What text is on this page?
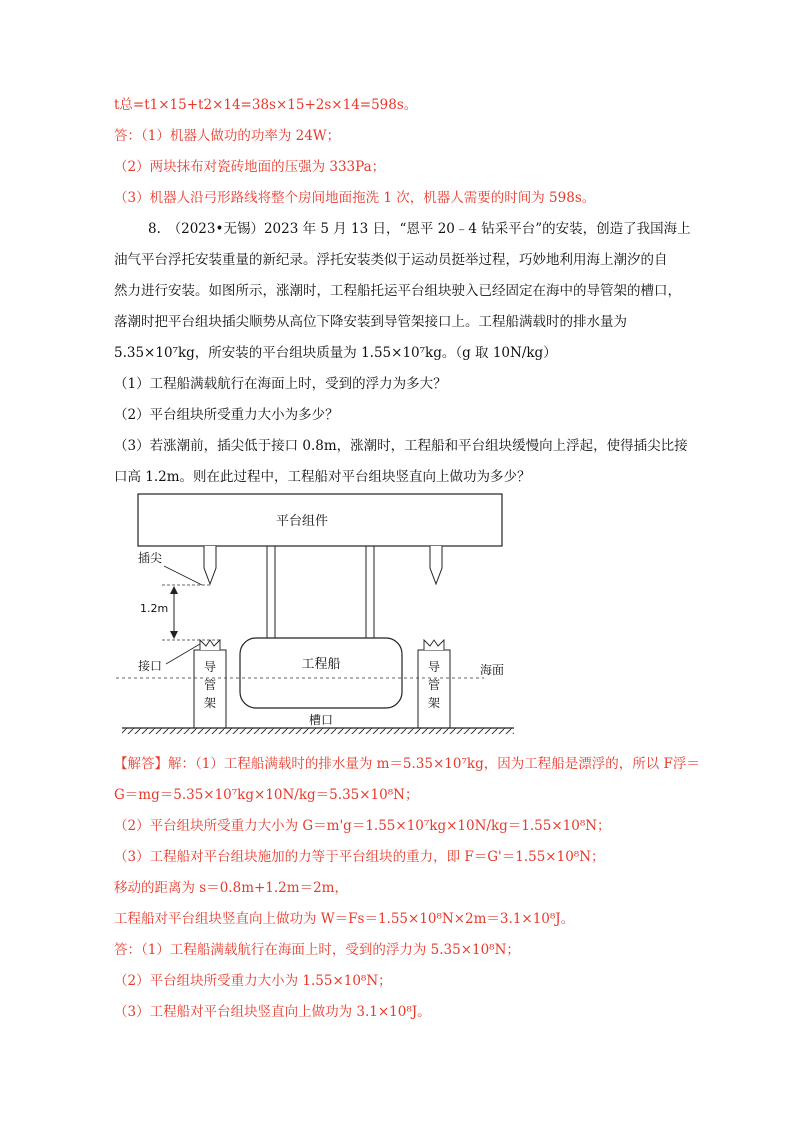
t总=t1×15+t2×14=38s×15+2s×14=598s。
答：（1）机器人做功的功率为 24W；
（2）两块抹布对瓷砖地面的压强为 333Pa；
（3）机器人沿弓形路线将整个房间地面拖洗 1 次，机器人需要的时间为 598s。
8.　（2023•无锡）2023 年 5 月 13 日，“恩平 20﹣4 钻采平台”的安装，创造了我国海上
油气平台浮托安装重量的新纪录。浮托安装类似于运动员挺举过程，巧妙地利用海上潮汐的自
然力进行安装。如图所示，涨潮时，工程船托运平台组块驶入已经固定在海中的导管架的槽口，
落潮时把平台组块插尖顺势从高位下降安装到导管架接口上。工程船满载时的排水量为
5.35×10⁷kg，所安装的平台组块质量为 1.55×10⁷kg。（g 取 10N/kg）
（1）工程船满载航行在海面上时，受到的浮力为多大？
（2）平台组块所受重力大小为多少？
（3）若涨潮前，插尖低于接口 0.8m，涨潮时，工程船和平台组块缓慢向上浮起，使得插尖比接
口高 1.2m。则在此过程中，工程船对平台组块竖直向上做功为多少？
平台组件
插尖
1.2m
工程船
导
管
架
导
管
架
接口	海面
槽口
【解答】解：（1）工程船满载时的排水量为 m＝5.35×10⁷kg，因为工程船是漂浮的，所以 F浮＝
G＝mg＝5.35×10⁷kg×10N/kg＝5.35×10⁸N；
（2）平台组块所受重力大小为 G＝m'g＝1.55×10⁷kg×10N/kg＝1.55×10⁸N；
（3）工程船对平台组块施加的力等于平台组块的重力，即 F＝G'＝1.55×10⁸N；
移动的距离为 s＝0.8m+1.2m＝2m，
工程船对平台组块竖直向上做功为 W＝Fs＝1.55×10⁸N×2m＝3.1×10⁸J。
答：（1）工程船满载航行在海面上时，受到的浮力为 5.35×10⁸N；
（2）平台组块所受重力大小为 1.55×10⁸N；
（3）工程船对平台组块竖直向上做功为 3.1×10⁸J。
